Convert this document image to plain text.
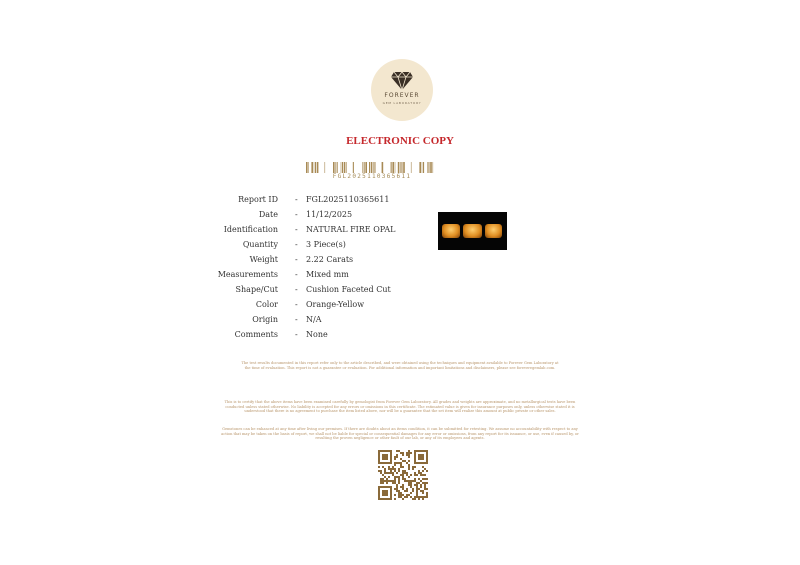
FOREVER
GEM LABORATORY
ELECTRONIC COPY
FGL2025110365611
Report ID - FGL2025110365611
Date - 11/12/2025
Identification - NATURAL FIRE OPAL
Quantity - 3 Piece(s)
Weight - 2.22 Carats
Measurements - Mixed mm
Shape/Cut - Cushion Faceted Cut
Color - Orange-Yellow
Origin - N/A
Comments - None
The test results documented in this report refer only to the article described, and were obtained using the techniques and equipment available to Forever Gem Laboratory at the time of evaluation. This report is not a guarantee or evaluation. For additional information and important limitations and disclaimers, please see foreveregemlab.com.
This is to certify that the above items have been examined carefully by gemologist from Forever Gem Laboratory. All grades and weights are approximate, and no metallurgical tests have been conducted unless stated otherwise. No liability is accepted for any errors or omissions in this certificate. The estimated value is given for insurance purposes only, unless otherwise stated it is understood that there is no agreement to purchase the item listed above, nor will be a guarantee that the set item will realize this amount at public private or other sales.
Gemstones can be enhanced at any time after living our premises. If there are doubts about an items condition, it can be submitted for retesting. We assume no accountability with respect to any action that may be taken on the basis of report, we shall not be liable for special or consequential damages for any error or omissions, from any report for its issuance, or use, even if caused by, or resulting the proven negligence or other fault of our lab, or any of its employees and agents.
